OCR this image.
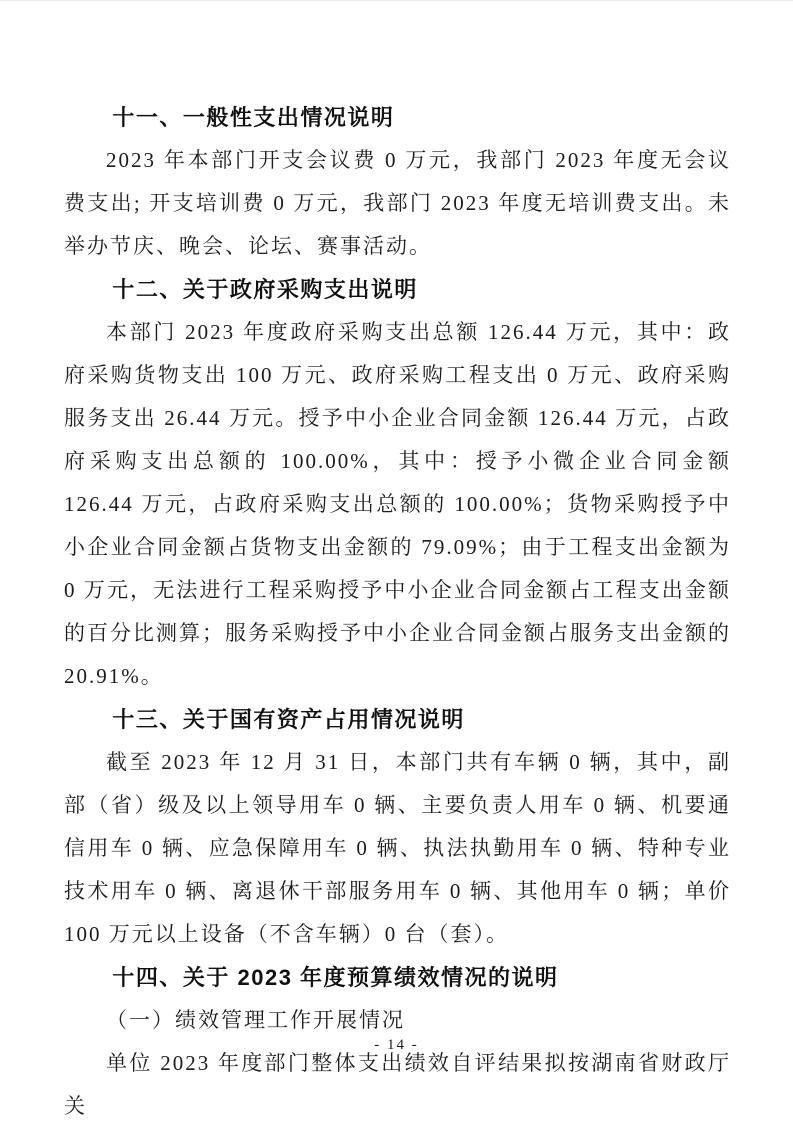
十一、一般性支出情况说明

2023 年本部门开支会议费 0 万元，我部门 2023 年度无会议费支出; 开支培训费 0 万元，我部门 2023 年度无培训费支出。未举办节庆、晚会、论坛、赛事活动。

十二、关于政府采购支出说明

本部门 2023 年度政府采购支出总额 126.44 万元，其中：政府采购货物支出 100 万元、政府采购工程支出 0 万元、政府采购服务支出 26.44 万元。授予中小企业合同金额 126.44 万元，占政府采购支出总额的 100.00%，其中：授予小微企业合同金额 126.44 万元，占政府采购支出总额的 100.00%；货物采购授予中小企业合同金额占货物支出金额的 79.09%；由于工程支出金额为 0 万元，无法进行工程采购授予中小企业合同金额占工程支出金额的百分比测算；服务采购授予中小企业合同金额占服务支出金额的 20.91%。

十三、关于国有资产占用情况说明

截至 2023 年 12 月 31 日，本部门共有车辆 0 辆，其中，副部（省）级及以上领导用车 0 辆、主要负责人用车 0 辆、机要通信用车 0 辆、应急保障用车 0 辆、执法执勤用车 0 辆、特种专业技术用车 0 辆、离退休干部服务用车 0 辆、其他用车 0 辆；单价 100 万元以上设备（不含车辆）0 台（套）。

十四、关于 2023 年度预算绩效情况的说明

（一）绩效管理工作开展情况

单位 2023 年度部门整体支出绩效自评结果拟按湖南省财政厅关

- 14 -
